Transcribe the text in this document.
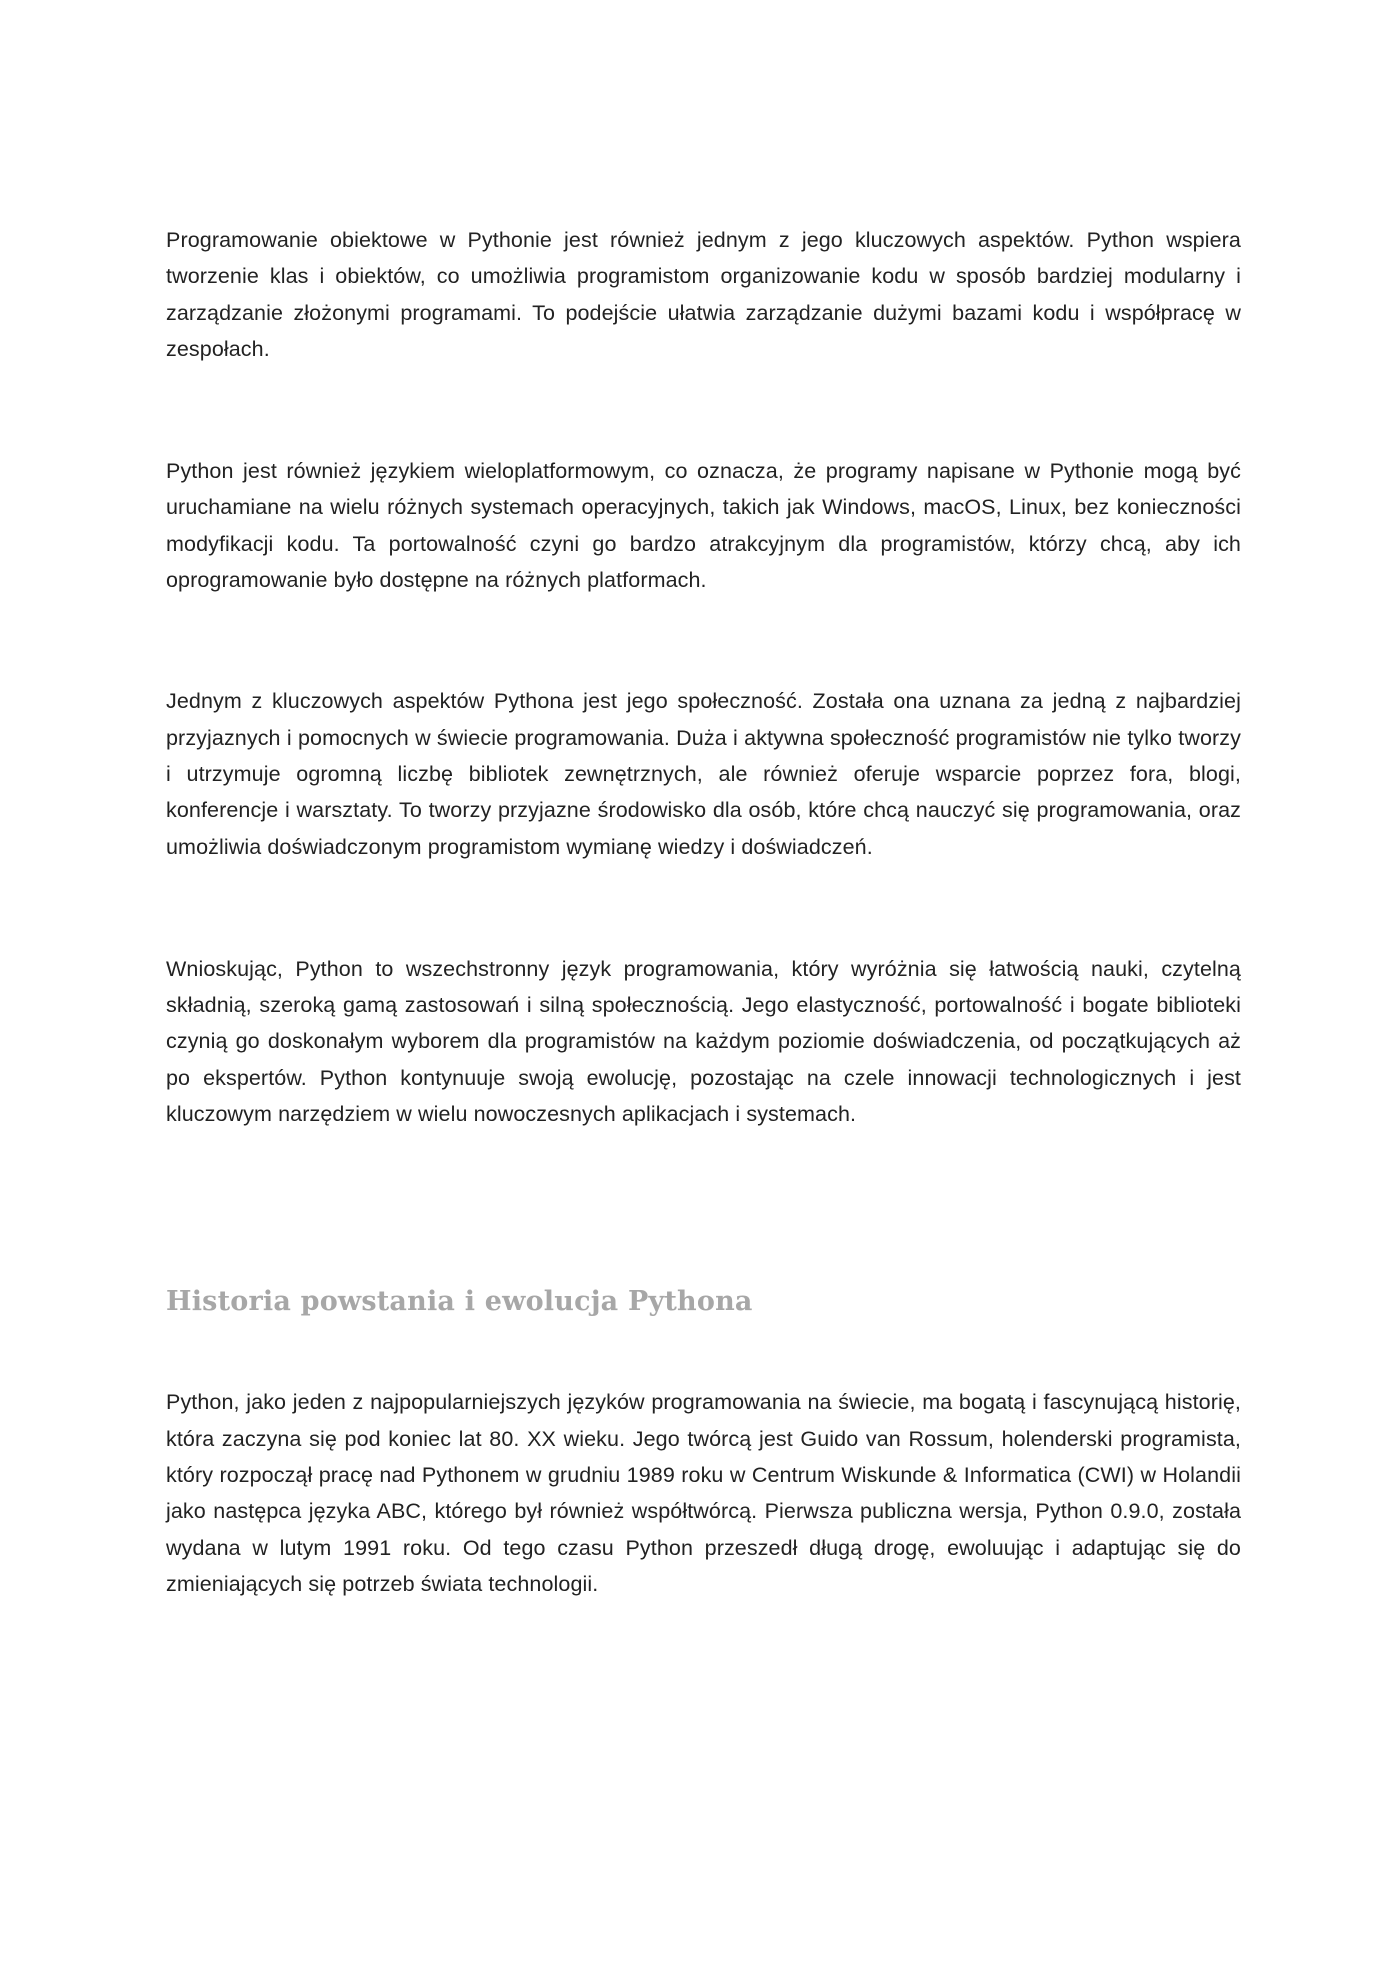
Programowanie obiektowe w Pythonie jest również jednym z jego kluczowych aspektów. Python wspiera tworzenie klas i obiektów, co umożliwia programistom organizowanie kodu w sposób bardziej modularny i zarządzanie złożonymi programami. To podejście ułatwia zarządzanie dużymi bazami kodu i współpracę w zespołach.

Python jest również językiem wieloplatformowym, co oznacza, że programy napisane w Pythonie mogą być uruchamiane na wielu różnych systemach operacyjnych, takich jak Windows, macOS, Linux, bez konieczności modyfikacji kodu. Ta portowalność czyni go bardzo atrakcyjnym dla programistów, którzy chcą, aby ich oprogramowanie było dostępne na różnych platformach.

Jednym z kluczowych aspektów Pythona jest jego społeczność. Została ona uznana za jedną z najbardziej przyjaznych i pomocnych w świecie programowania. Duża i aktywna społeczność programistów nie tylko tworzy i utrzymuje ogromną liczbę bibliotek zewnętrznych, ale również oferuje wsparcie poprzez fora, blogi, konferencje i warsztaty. To tworzy przyjazne środowisko dla osób, które chcą nauczyć się programowania, oraz umożliwia doświadczonym programistom wymianę wiedzy i doświadczeń.

Wnioskując, Python to wszechstronny język programowania, który wyróżnia się łatwością nauki, czytelną składnią, szeroką gamą zastosowań i silną społecznością. Jego elastyczność, portowalność i bogate biblioteki czynią go doskonałym wyborem dla programistów na każdym poziomie doświadczenia, od początkujących aż po ekspertów. Python kontynuuje swoją ewolucję, pozostając na czele innowacji technologicznych i jest kluczowym narzędziem w wielu nowoczesnych aplikacjach i systemach.

Historia powstania i ewolucja Pythona

Python, jako jeden z najpopularniejszych języków programowania na świecie, ma bogatą i fascynującą historię, która zaczyna się pod koniec lat 80. XX wieku. Jego twórcą jest Guido van Rossum, holenderski programista, który rozpoczął pracę nad Pythonem w grudniu 1989 roku w Centrum Wiskunde & Informatica (CWI) w Holandii jako następca języka ABC, którego był również współtwórcą. Pierwsza publiczna wersja, Python 0.9.0, została wydana w lutym 1991 roku. Od tego czasu Python przeszedł długą drogę, ewoluując i adaptując się do zmieniających się potrzeb świata technologii.
